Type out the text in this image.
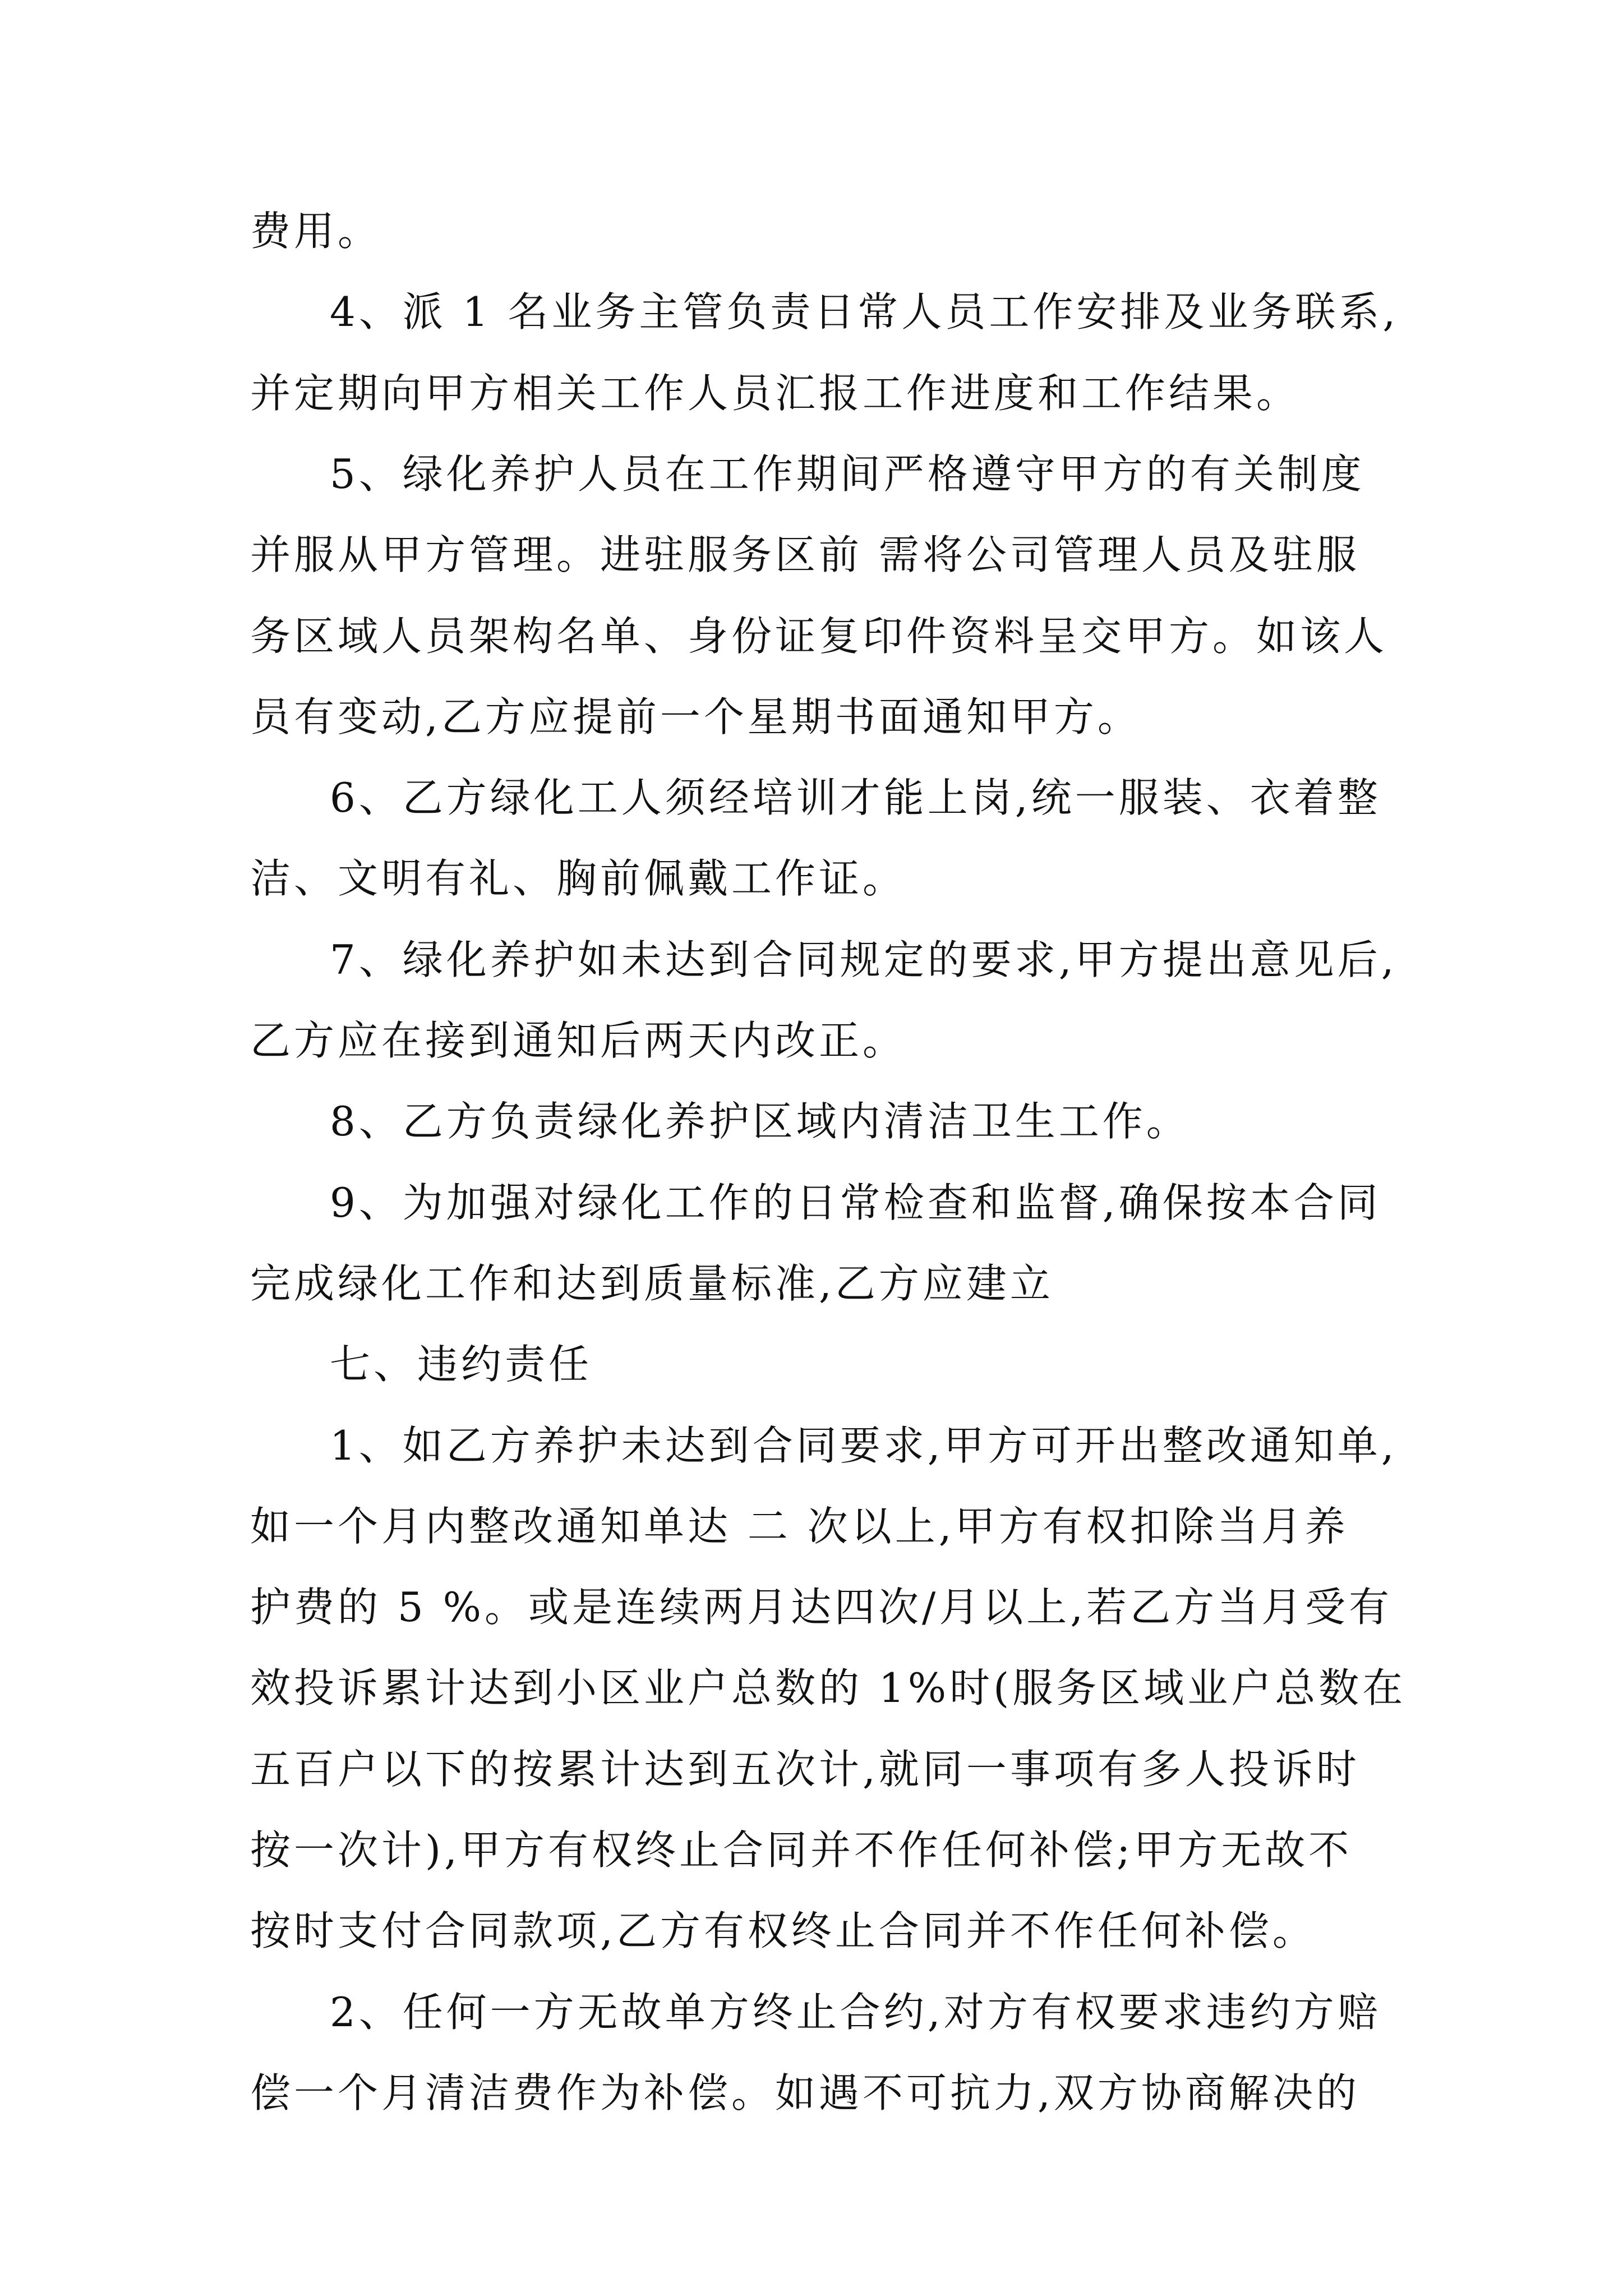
费用。
4、派 1 名业务主管负责日常人员工作安排及业务联系,
并定期向甲方相关工作人员汇报工作进度和工作结果。
5、绿化养护人员在工作期间严格遵守甲方的有关制度
并服从甲方管理。进驻服务区前 需将公司管理人员及驻服
务区域人员架构名单、身份证复印件资料呈交甲方。如该人
员有变动,乙方应提前一个星期书面通知甲方。
6、乙方绿化工人须经培训才能上岗,统一服装、衣着整
洁、文明有礼、胸前佩戴工作证。
7、绿化养护如未达到合同规定的要求,甲方提出意见后,
乙方应在接到通知后两天内改正。
8、乙方负责绿化养护区域内清洁卫生工作。
9、为加强对绿化工作的日常检查和监督,确保按本合同
完成绿化工作和达到质量标准,乙方应建立
七、违约责任
1、如乙方养护未达到合同要求,甲方可开出整改通知单,
如一个月内整改通知单达 二 次以上,甲方有权扣除当月养
护费的 5 %。或是连续两月达四次/月以上,若乙方当月受有
效投诉累计达到小区业户总数的 1%时(服务区域业户总数在
五百户以下的按累计达到五次计,就同一事项有多人投诉时
按一次计),甲方有权终止合同并不作任何补偿;甲方无故不
按时支付合同款项,乙方有权终止合同并不作任何补偿。
2、任何一方无故单方终止合约,对方有权要求违约方赔
偿一个月清洁费作为补偿。如遇不可抗力,双方协商解决的
